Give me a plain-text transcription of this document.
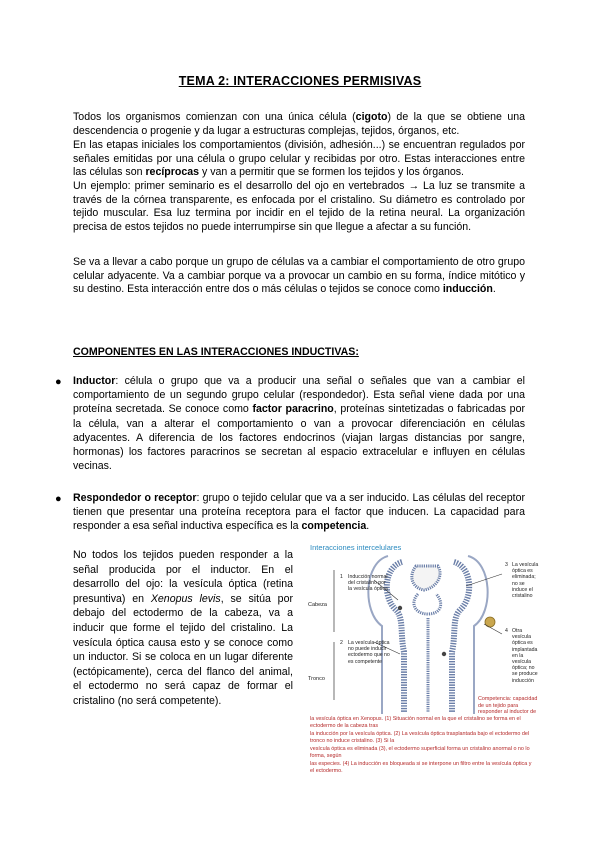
TEMA 2: INTERACCIONES PERMISIVAS
Todos los organismos comienzan con una única célula (cigoto) de la que se obtiene una descendencia o progenie y da lugar a estructuras complejas, tejidos, órganos, etc.
En las etapas iniciales los comportamientos (división, adhesión...) se encuentran regulados por señales emitidas por una célula o grupo celular y recibidas por otro. Estas interacciones entre las células son recíprocas y van a permitir que se formen los tejidos y los órganos.
Un ejemplo: primer seminario es el desarrollo del ojo en vertebrados → La luz se transmite a través de la córnea transparente, es enfocada por el cristalino. Su diámetro es controlado por tejido muscular. Esa luz termina por incidir en el tejido de la retina neural. La organización precisa de estos tejidos no puede interrumpirse sin que llegue a afectar a su función.
Se va a llevar a cabo porque un grupo de células va a cambiar el comportamiento de otro grupo celular adyacente. Va a cambiar porque va a provocar un cambio en su forma, índice mitótico y su destino. Esta interacción entre dos o más células o tejidos se conoce como inducción.
COMPONENTES EN LAS INTERACCIONES INDUCTIVAS:
● Inductor: célula o grupo que va a producir una señal o señales que van a cambiar el comportamiento de un segundo grupo celular (respondedor). Esta señal viene dada por una proteína secretada. Se conoce como factor paracrino, proteínas sintetizadas o fabricadas por la célula, van a alterar el comportamiento o van a provocar diferenciación en células adyacentes. A diferencia de los factores endocrinos (viajan largas distancias por sangre, hormonas) los factores paracrinos se secretan al espacio extracelular e influyen en células vecinas.
● Respondedor o receptor: grupo o tejido celular que va a ser inducido. Las células del receptor tienen que presentar una proteína receptora para el factor que inducen. La capacidad para responder a esa señal inductiva específica es la competencia.
No todos los tejidos pueden responder a la señal producida por el inductor. En el desarrollo del ojo: la vesícula óptica (retina presuntiva) en Xenopus levis, se sitúa por debajo del ectodermo de la cabeza, va a inducir que forme el tejido del cristalino. La vesícula óptica causa esto y se conoce como un inductor. Si se coloca en un lugar diferente (ectópicamente), cerca del flanco del animal, el ectodermo no será capaz de formar el cristalino (no será competente).
Interacciones intercelulares
Cabeza
Tronco
1 Inducción normal del cristalino por la vesícula óptica
2 La vesícula óptica no puede inducir ectodermo que no es competente
3 La vesícula óptica es eliminada; no se induce el cristalino
4 Otra vesícula óptica es implantada en la vesícula óptica; no se produce inducción
Competencia: capacidad de un tejido para responder al inductor de
la vesícula óptica en Xenopus. (1) Situación normal en la que el cristalino se forma en el ectodermo de la cabeza tras
la inducción por la vesícula óptica. (2) La vesícula óptica trasplantada bajo el ectodermo del tronco no induce cristalino. (3) Si la
vesícula óptica es eliminada (3), el ectodermo superficial forma un cristalino anormal o no lo forma, según
las especies. (4) La inducción es bloqueada si se interpone un filtro entre la vesícula óptica y el ectodermo.
